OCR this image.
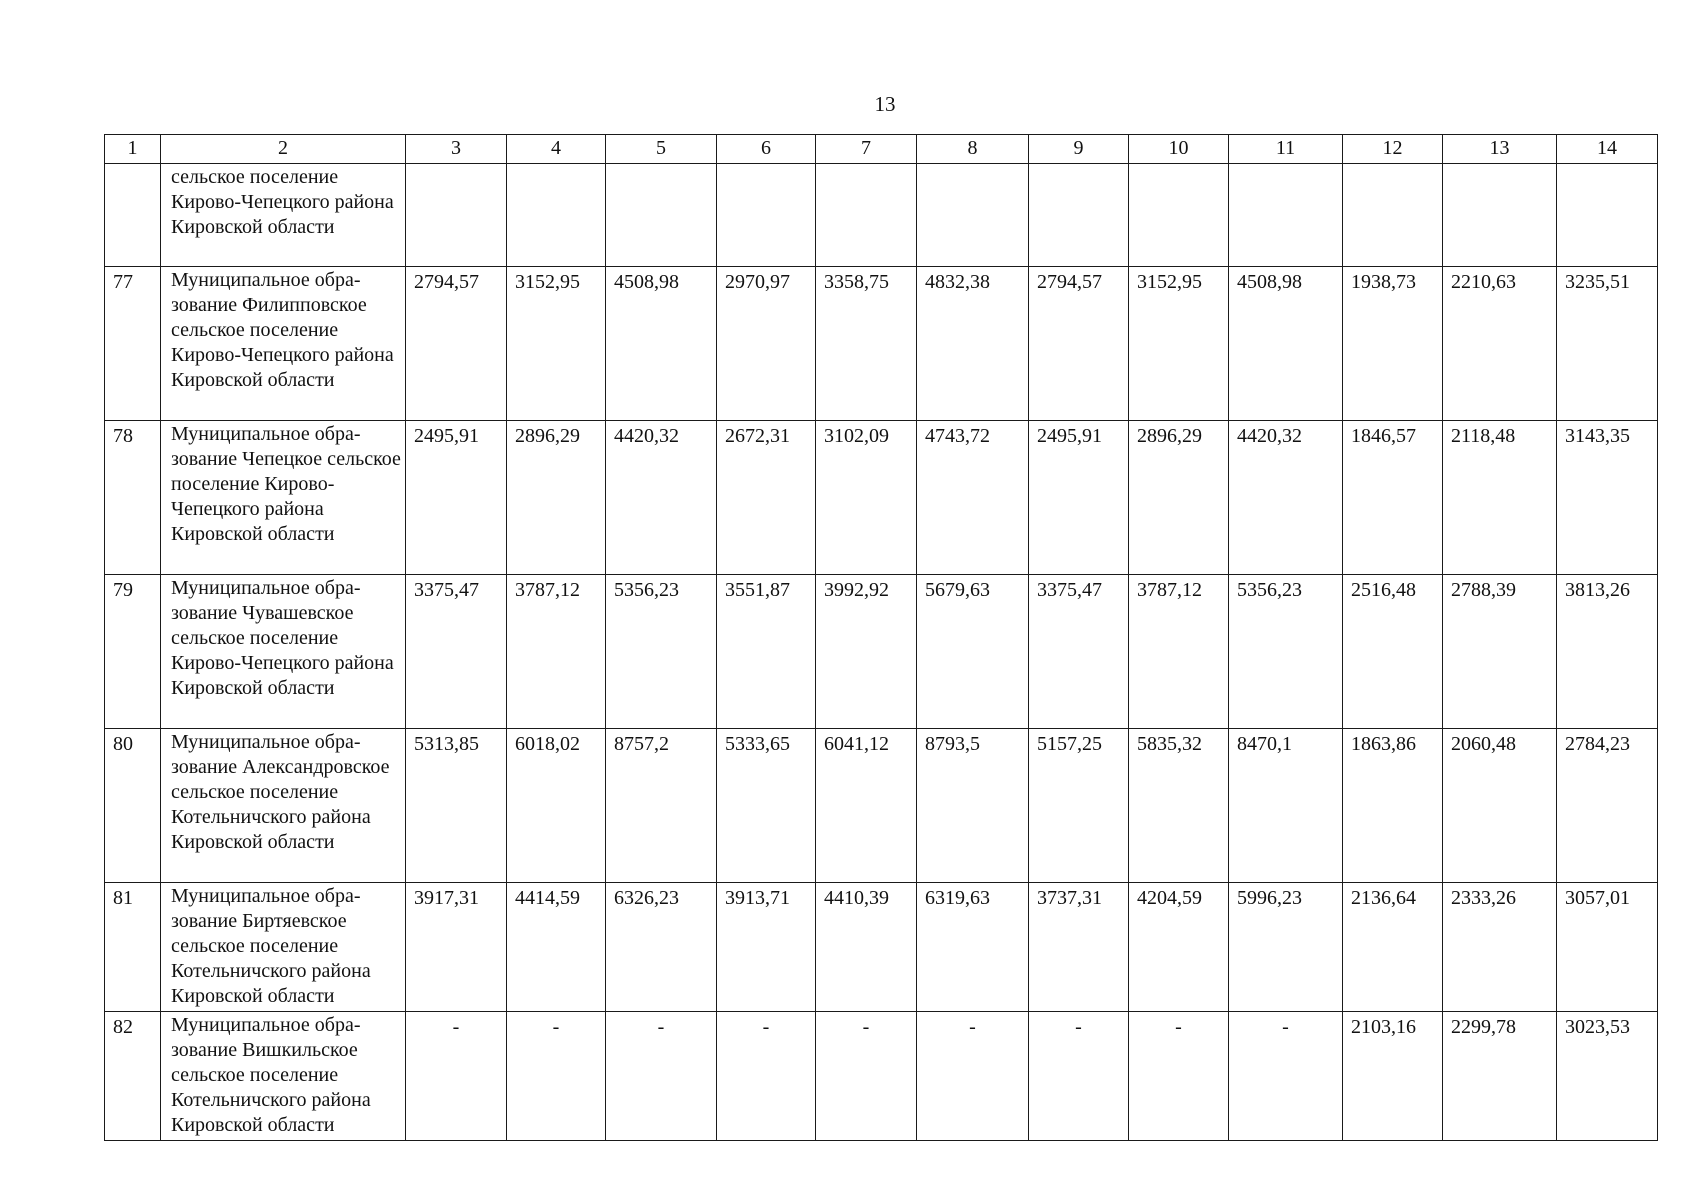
13
1	2	3	4	5	6	7	8	9	10	11	12	13	14
	сельское поселение Кирово-Чепецкого района Кировской области												
77	Муниципальное образование Филипповское сельское поселение Кирово-Чепецкого района Кировской области	2794,57	3152,95	4508,98	2970,97	3358,75	4832,38	2794,57	3152,95	4508,98	1938,73	2210,63	3235,51
78	Муниципальное образование Чепецкое сельское поселение Кирово-Чепецкого района Кировской области	2495,91	2896,29	4420,32	2672,31	3102,09	4743,72	2495,91	2896,29	4420,32	1846,57	2118,48	3143,35
79	Муниципальное образование Чувашевское сельское поселение Кирово-Чепецкого района Кировской области	3375,47	3787,12	5356,23	3551,87	3992,92	5679,63	3375,47	3787,12	5356,23	2516,48	2788,39	3813,26
80	Муниципальное образование Александровское сельское поселение Котельничского района Кировской области	5313,85	6018,02	8757,2	5333,65	6041,12	8793,5	5157,25	5835,32	8470,1	1863,86	2060,48	2784,23
81	Муниципальное образование Биртяевское сельское поселение Котельничского района Кировской области	3917,31	4414,59	6326,23	3913,71	4410,39	6319,63	3737,31	4204,59	5996,23	2136,64	2333,26	3057,01
82	Муниципальное образование Вишкильское сельское поселение Котельничского района Кировской области	-	-	-	-	-	-	-	-	-	2103,16	2299,78	3023,53
